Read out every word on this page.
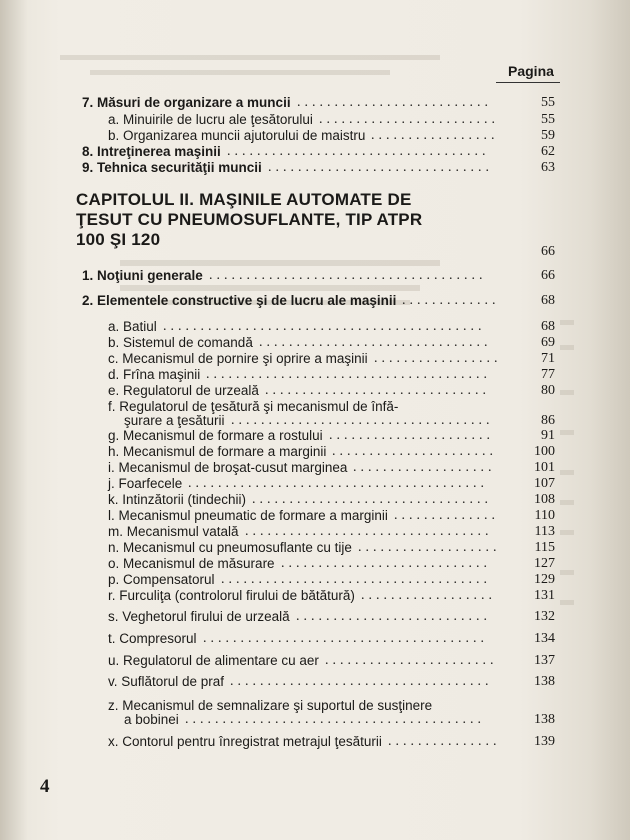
Pagina
7. Măsuri de organizare a muncii ..........................	55
a. Minuirile de lucru ale ţesătorului ........................	55
b. Organizarea muncii ajutorului de maistru .................	59
8. Intreţinerea maşinii ...................................	62
9. Tehnica securităţii muncii ..............................	63
CAPITOLUL II. MAŞINILE AUTOMATE DE
ŢESUT CU PNEUMOSUFLANTE, TIP ATPR
100 ŞI 120
66
1. Noţiuni generale .....................................	66
2. Elementele constructive şi de lucru ale maşinii .............	68
a. Batiul ...........................................	68
b. Sistemul de comandă ...............................	69
c. Mecanismul de pornire şi oprire a maşinii .................	71
d. Frîna maşinii ......................................	77
e. Regulatorul de urzeală ..............................	80
f. Regulatorul de ţesătură şi mecanismul de înfă-
şurare a ţesăturii ...................................	86
g. Mecanismul de formare a rostului ......................	91
h. Mecanismul de formare a marginii ......................	100
i. Mecanismul de broşat-cusut marginea ...................	101
j. Foarfecele ........................................	107
k. Intinzătorii (tindechii) ................................	108
l. Mecanismul pneumatic de formare a marginii ..............	110
m. Mecanismul vatală .................................	113
n. Mecanismul cu pneumosuflante cu tije ...................	115
o. Mecanismul de măsurare ............................	127
p. Compensatorul ....................................	129
r. Furculiţa (controlorul firului de bătătură) ..................	131
s. Veghetorul firului de urzeală ..........................	132
t. Compresorul ......................................	134
u. Regulatorul de alimentare cu aer .......................	137
v. Suflătorul de praf ...................................	138
z. Mecanismul de semnalizare şi suportul de susţinere
a bobinei ........................................	138
x. Contorul pentru înregistrat metrajul ţesăturii ...............	139
4
